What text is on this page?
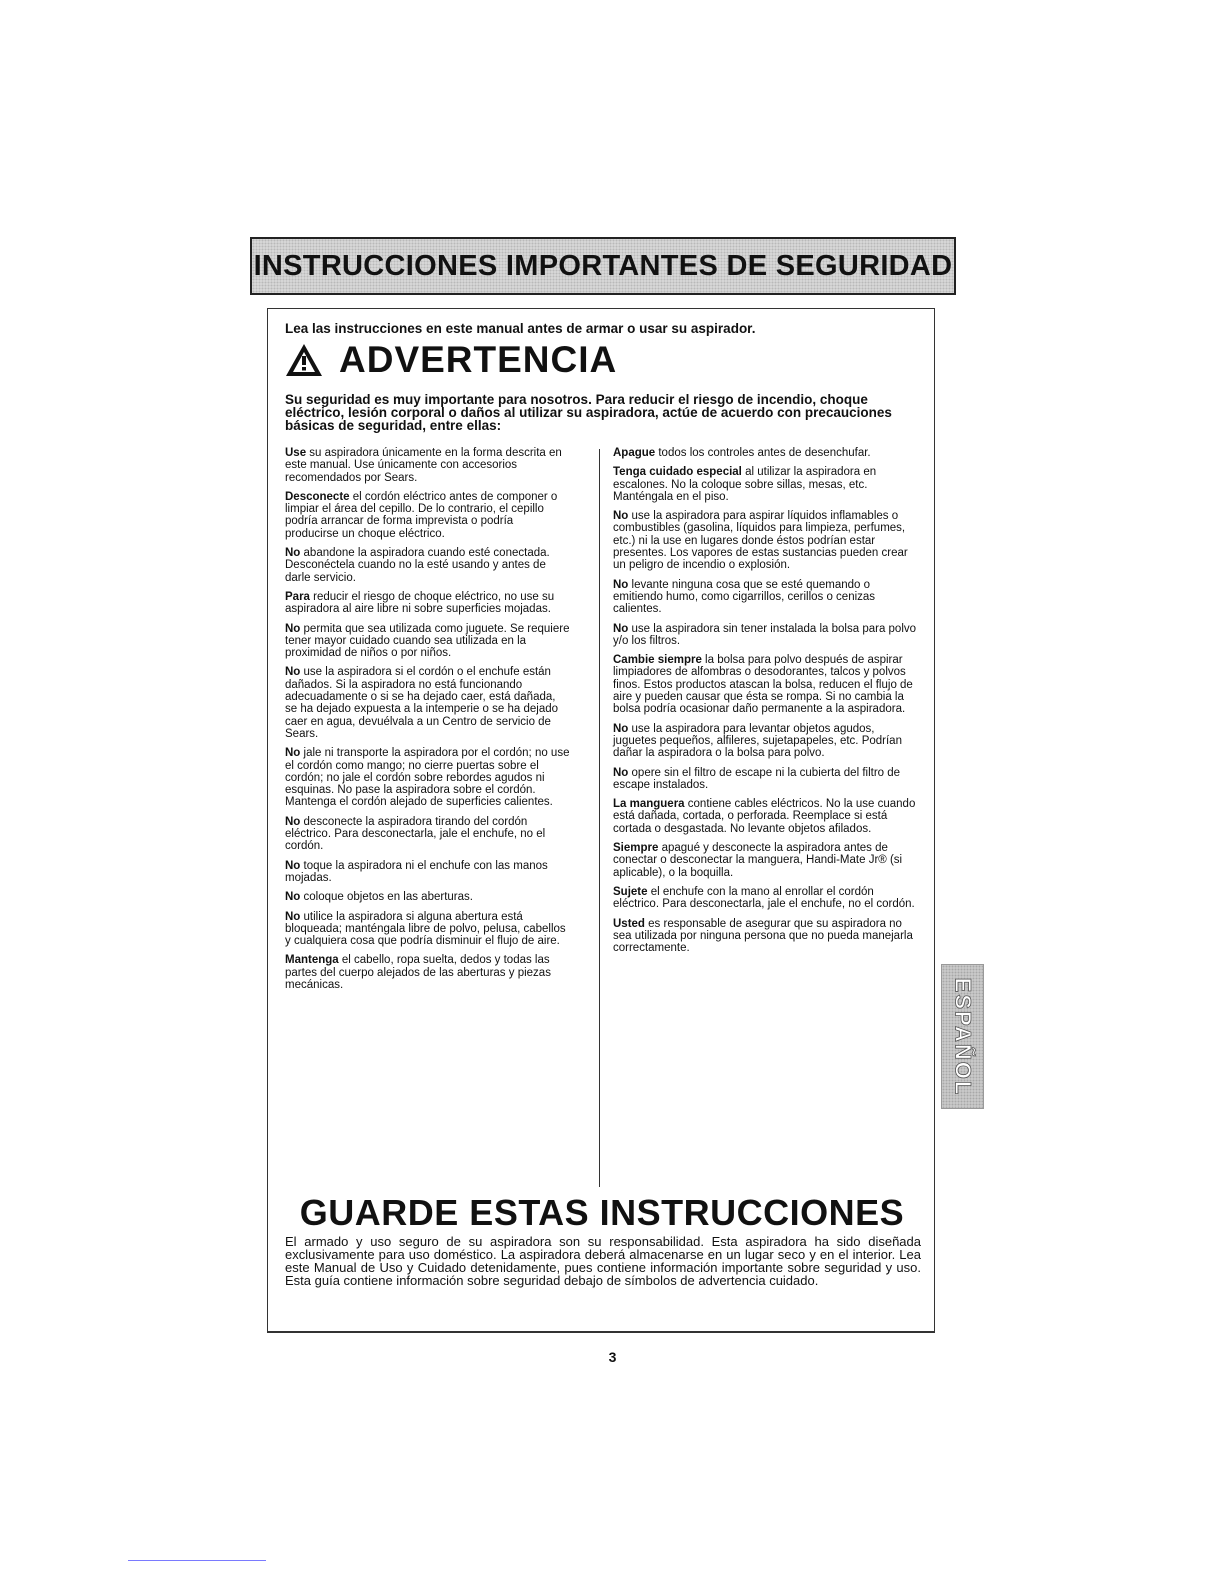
INSTRUCCIONES IMPORTANTES DE SEGURIDAD
Lea las instrucciones en este manual antes de armar o usar su aspirador.
ADVERTENCIA
Su seguridad es muy importante para nosotros. Para reducir el riesgo de incendio, choque eléctrico, lesión corporal o daños al utilizar su aspiradora, actúe de acuerdo con precauciones básicas de seguridad, entre ellas:

Use su aspiradora únicamente en la forma descrita en este manual. Use únicamente con accesorios recomendados por Sears.

Desconecte el cordón eléctrico antes de componer o limpiar el área del cepillo. De lo contrario, el cepillo podría arrancar de forma imprevista o podría producirse un choque eléctrico.

No abandone la aspiradora cuando esté conectada. Desconéctela cuando no la esté usando y antes de darle servicio.

Para reducir el riesgo de choque eléctrico, no use su aspiradora al aire libre ni sobre superficies mojadas.

No permita que sea utilizada como juguete. Se requiere tener mayor cuidado cuando sea utilizada en la proximidad de niños o por niños.

No use la aspiradora si el cordón o el enchufe están dañados. Si la aspiradora no está funcionando adecuadamente o si se ha dejado caer, está dañada, se ha dejado expuesta a la intemperie o se ha dejado caer en agua, devuélvala a un Centro de servicio de Sears.

No jale ni transporte la aspiradora por el cordón; no use el cordón como mango; no cierre puertas sobre el cordón; no jale el cordón sobre rebordes agudos ni esquinas. No pase la aspiradora sobre el cordón. Mantenga el cordón alejado de superficies calientes.

No desconecte la aspiradora tirando del cordón eléctrico. Para desconectarla, jale el enchufe, no el cordón.

No toque la aspiradora ni el enchufe con las manos mojadas.

No coloque objetos en las aberturas.

No utilice la aspiradora si alguna abertura está bloqueada; manténgala libre de polvo, pelusa, cabellos y cualquiera cosa que podría disminuir el flujo de aire.

Mantenga el cabello, ropa suelta, dedos y todas las partes del cuerpo alejados de las aberturas y piezas mecánicas.

Apague todos los controles antes de desenchufar.

Tenga cuidado especial al utilizar la aspiradora en escalones. No la coloque sobre sillas, mesas, etc. Manténgala en el piso.

No use la aspiradora para aspirar líquidos inflamables o combustibles (gasolina, líquidos para limpieza, perfumes, etc.) ni la use en lugares donde éstos podrían estar presentes. Los vapores de estas sustancias pueden crear un peligro de incendio o explosión.

No levante ninguna cosa que se esté quemando o emitiendo humo, como cigarrillos, cerillos o cenizas calientes.

No use la aspiradora sin tener instalada la bolsa para polvo y/o los filtros.

Cambie siempre la bolsa para polvo después de aspirar limpiadores de alfombras o desodorantes, talcos y polvos finos. Estos productos atascan la bolsa, reducen el flujo de aire y pueden causar que ésta se rompa. Si no cambia la bolsa podría ocasionar daño permanente a la aspiradora.

No use la aspiradora para levantar objetos agudos, juguetes pequeños, alfileres, sujetapapeles, etc. Podrían dañar la aspiradora o la bolsa para polvo.

No opere sin el filtro de escape ni la cubierta del filtro de escape instalados.

La manguera contiene cables eléctricos. No la use cuando está dañada, cortada, o perforada. Reemplace si está cortada o desgastada. No levante objetos afilados.

Siempre apagué y desconecte la aspiradora antes de conectar o desconectar la manguera, Handi-Mate Jr® (si aplicable), o la boquilla.

Sujete el enchufe con la mano al enrollar el cordón eléctrico. Para desconectarla, jale el enchufe, no el cordón.

Usted es responsable de asegurar que su aspiradora no sea utilizada por ninguna persona que no pueda manejarla correctamente.

GUARDE ESTAS INSTRUCCIONES
El armado y uso seguro de su aspiradora son su responsabilidad. Esta aspiradora ha sido diseñada exclusivamente para uso doméstico. La aspiradora deberá almacenarse en un lugar seco y en el interior. Lea este Manual de Uso y Cuidado detenidamente, pues contiene información importante sobre seguridad y uso. Esta guía contiene información sobre seguridad debajo de símbolos de advertencia cuidado.
ESPAÑOL
3
